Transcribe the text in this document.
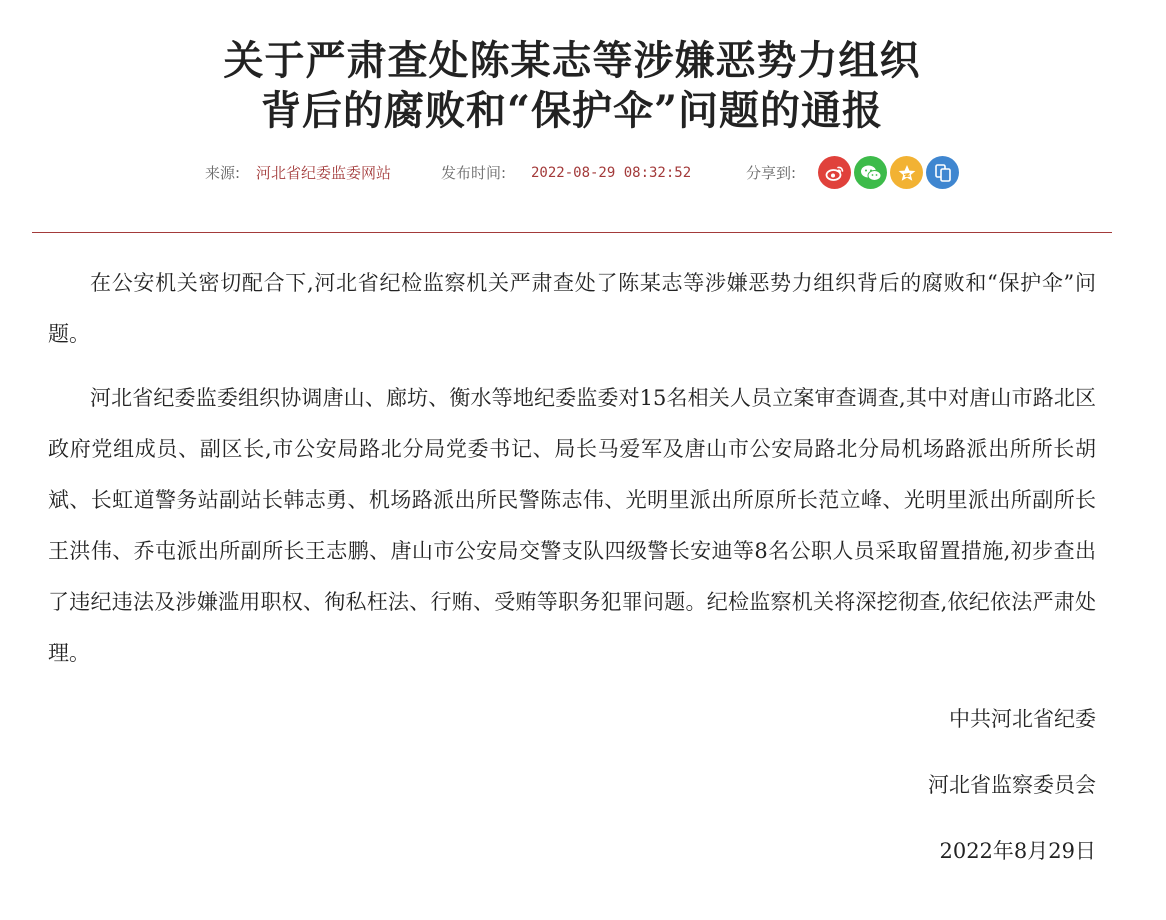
关于严肃查处陈某志等涉嫌恶势力组织
背后的腐败和“保护伞”问题的通报
来源: 河北省纪委监委网站	发布时间: 2022-08-29 08:32:52	分享到:

在公安机关密切配合下,河北省纪检监察机关严肃查处了陈某志等涉嫌恶势力组织背后的腐败和“保护伞”问题。

河北省纪委监委组织协调唐山、廊坊、衡水等地纪委监委对15名相关人员立案审查调查,其中对唐山市路北区政府党组成员、副区长,市公安局路北分局党委书记、局长马爱军及唐山市公安局路北分局机场路派出所所长胡斌、长虹道警务站副站长韩志勇、机场路派出所民警陈志伟、光明里派出所原所长范立峰、光明里派出所副所长王洪伟、乔屯派出所副所长王志鹏、唐山市公安局交警支队四级警长安迪等8名公职人员采取留置措施,初步查出了违纪违法及涉嫌滥用职权、徇私枉法、行贿、受贿等职务犯罪问题。纪检监察机关将深挖彻查,依纪依法严肃处理。

中共河北省纪委
河北省监察委员会
2022年8月29日
